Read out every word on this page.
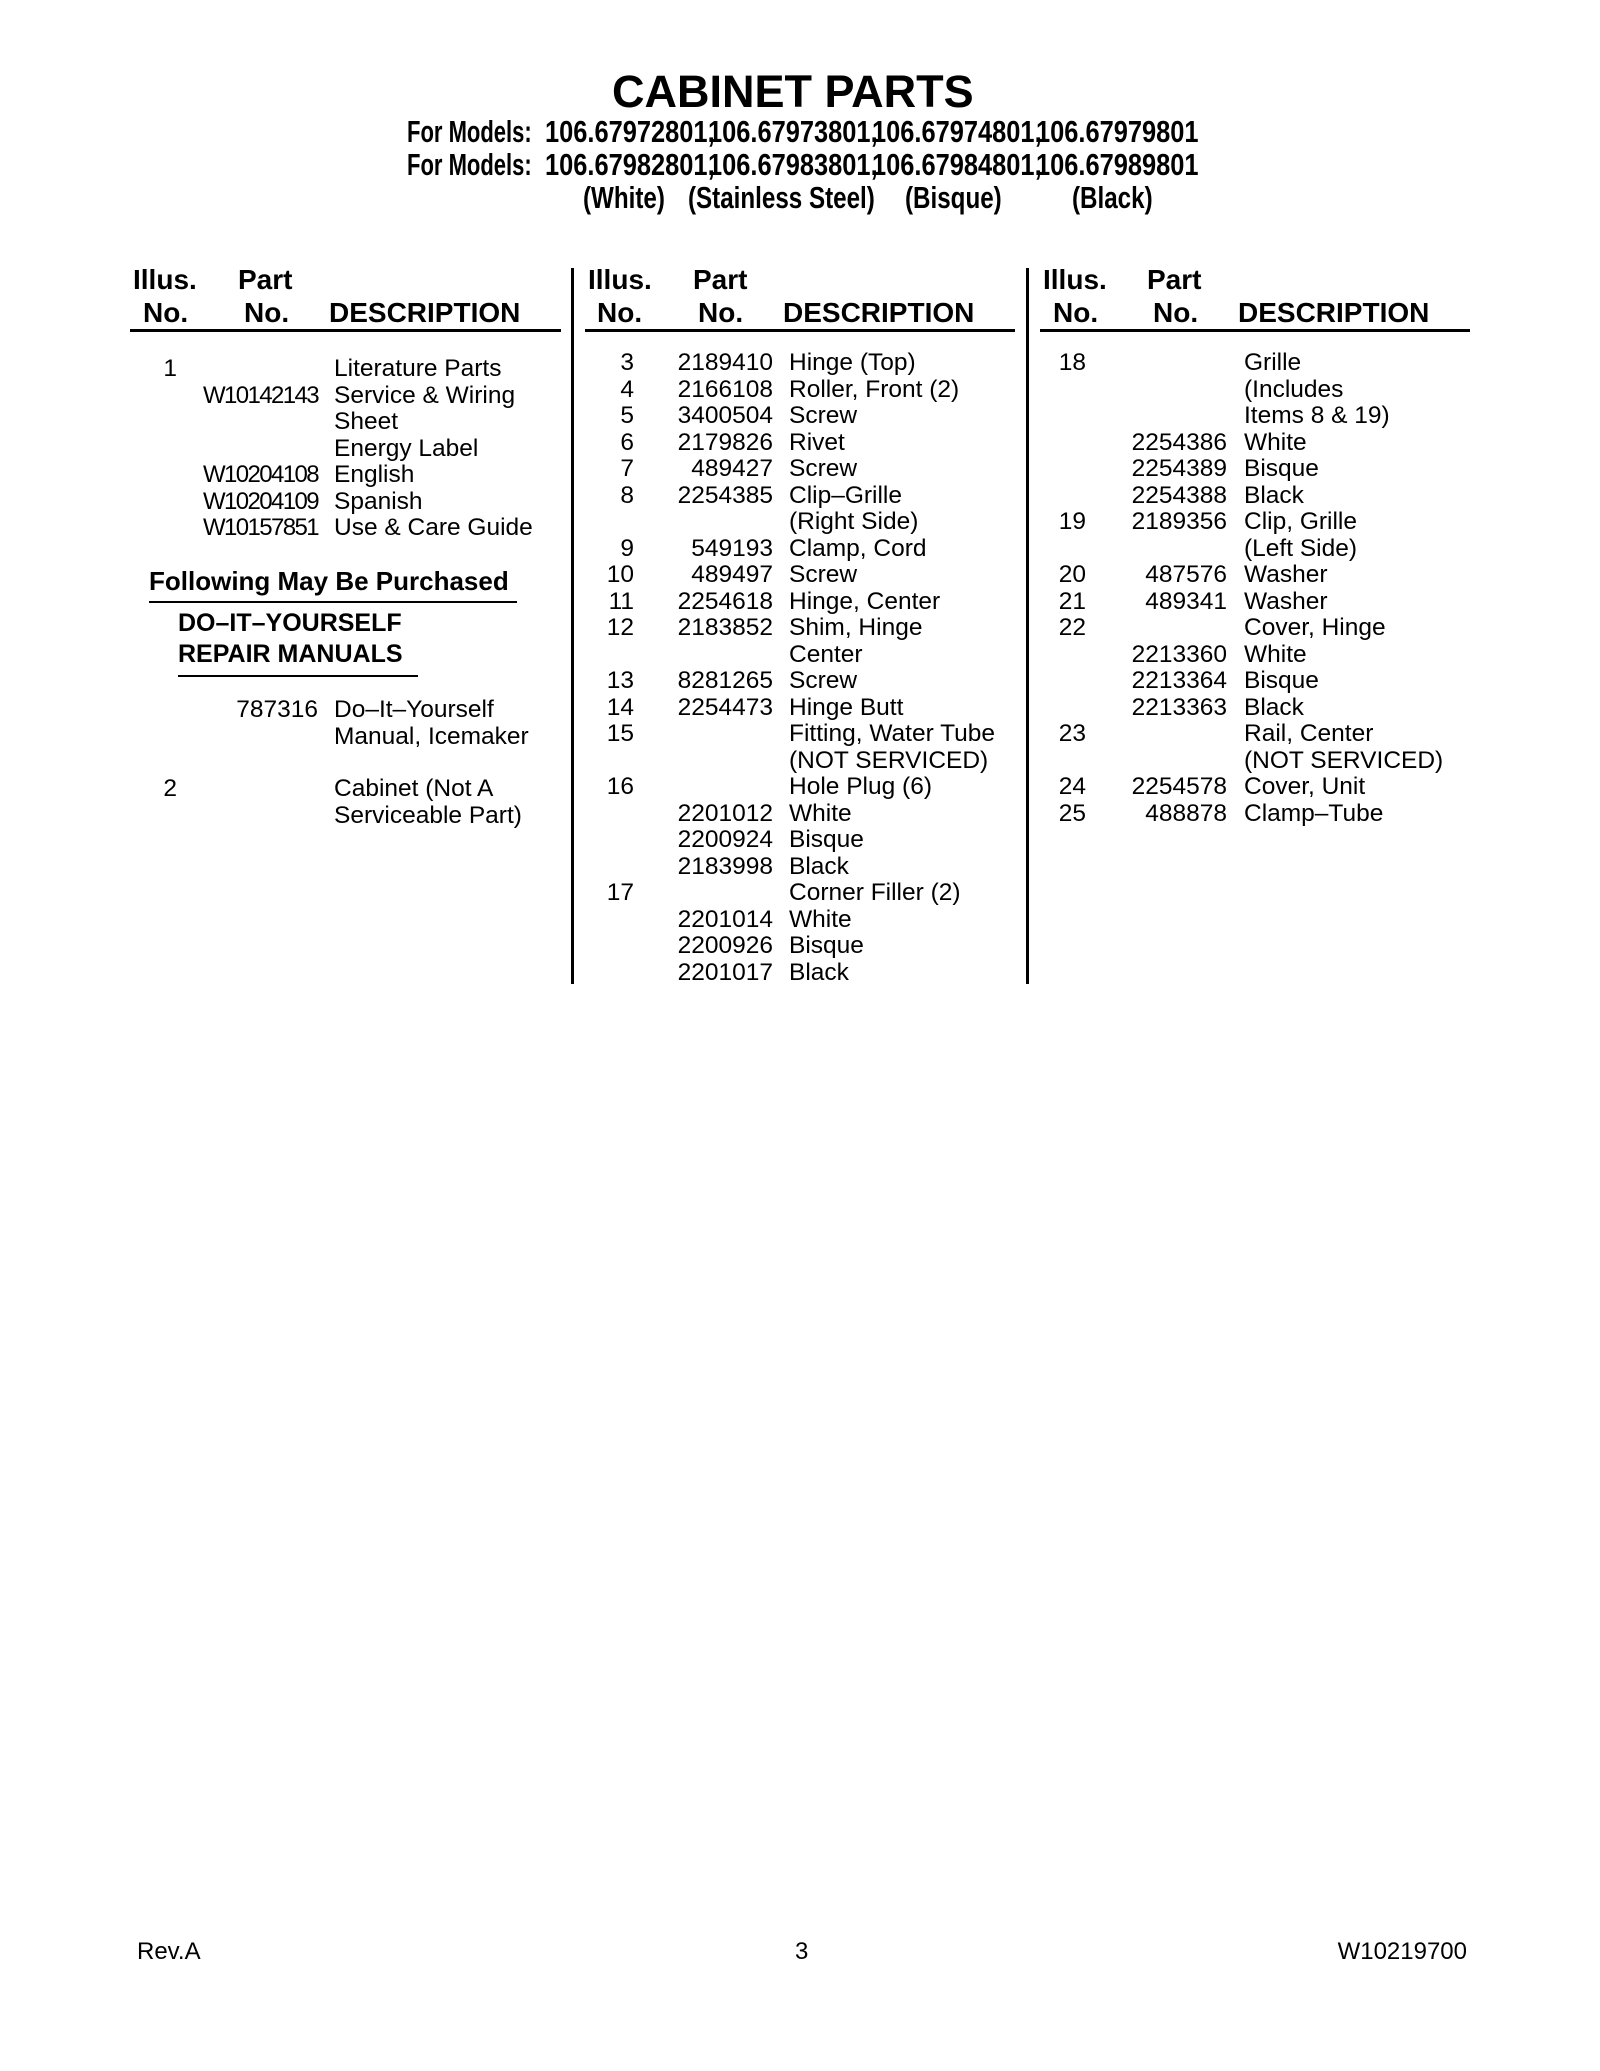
CABINET PARTS
For Models: 106.67972801,
106.67973801,
106.67974801,
106.67979801
For Models: 106.67982801,
106.67983801,
106.67984801,
106.67989801
(White) (Stainless Steel) (Bisque) (Black)
Illus.
No.
Part
No. DESCRIPTION
Illus.
No.
Part
No. DESCRIPTION
Illus.
No.
Part
No. DESCRIPTION
1	Literature Parts
W10142143 Service & Wiring
Sheet
Energy Label
W10204108 English
W10204109 Spanish
W10157851 Use & Care Guide
Following May Be Purchased
DO–IT–YOURSELF
REPAIR MANUALS
787316 Do–It–Yourself
Manual, Icemaker
2	Cabinet (Not A
Serviceable Part)
3	2189410 Hinge (Top)
4	2166108 Roller, Front (2)
5	3400504 Screw
6	2179826 Rivet
7	489427 Screw
8	2254385 Clip–Grille
(Right Side)
9	549193 Clamp, Cord
10	489497 Screw
11	2254618 Hinge, Center
12	2183852 Shim, Hinge
Center
13	8281265 Screw
14	2254473 Hinge Butt
15	Fitting, Water Tube
(NOT SERVICED)
16	Hole Plug (6)
2201012 White
2200924 Bisque
2183998 Black
17	Corner Filler (2)
2201014 White
2200926 Bisque
2201017 Black
18	Grille
(Includes
Items 8 & 19)
2254386 White
2254389 Bisque
2254388 Black
19	2189356 Clip, Grille
(Left Side)
20	487576 Washer
21	489341 Washer
22	Cover, Hinge
2213360 White
2213364 Bisque
2213363 Black
23	Rail, Center
(NOT SERVICED)
24	2254578 Cover, Unit
25	488878 Clamp–Tube
Rev.A	3	W10219700
